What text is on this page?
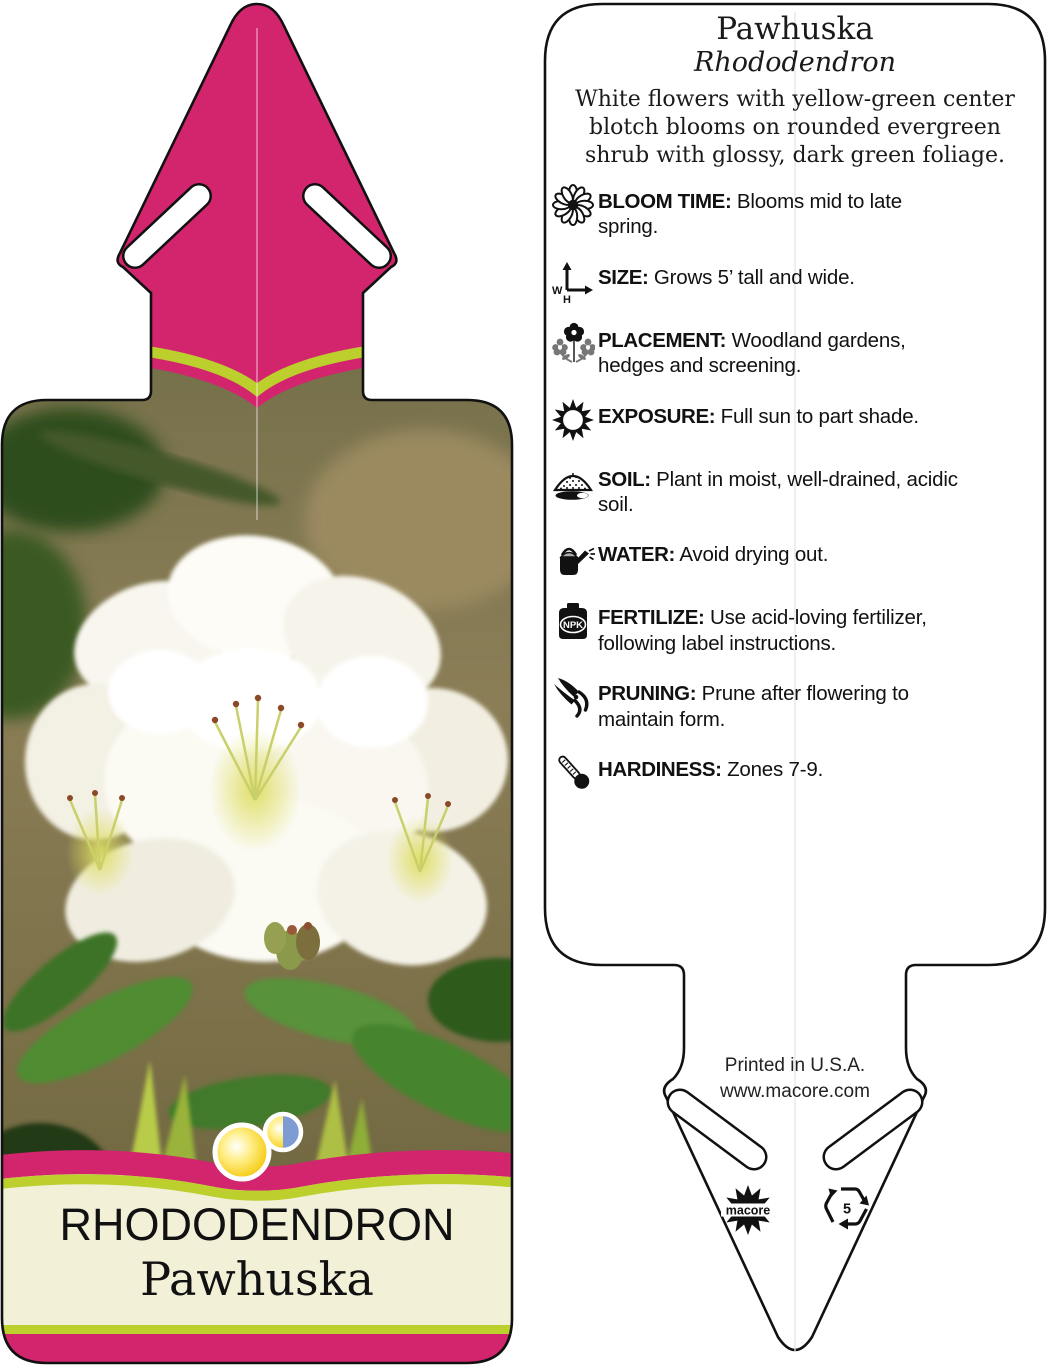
RHODODENDRON
Pawhuska
Printed in U.S.A.
www.macore.com
macore	5
Pawhuska
Rhododendron
White flowers with yellow-green center blotch blooms on rounded evergreen shrub with glossy, dark green foliage.
BLOOM TIME: Blooms mid to late spring.
W
H
SIZE: Grows 5’ tall and wide.
PLACEMENT: Woodland gardens, hedges and screening.
EXPOSURE: Full sun to part shade.
SOIL: Plant in moist, well-drained, acidic soil.
WATER: Avoid drying out.
NPK FERTILIZE: Use acid-loving fertilizer, following label instructions.
PRUNING: Prune after flowering to maintain form.
HARDINESS: Zones 7-9.
